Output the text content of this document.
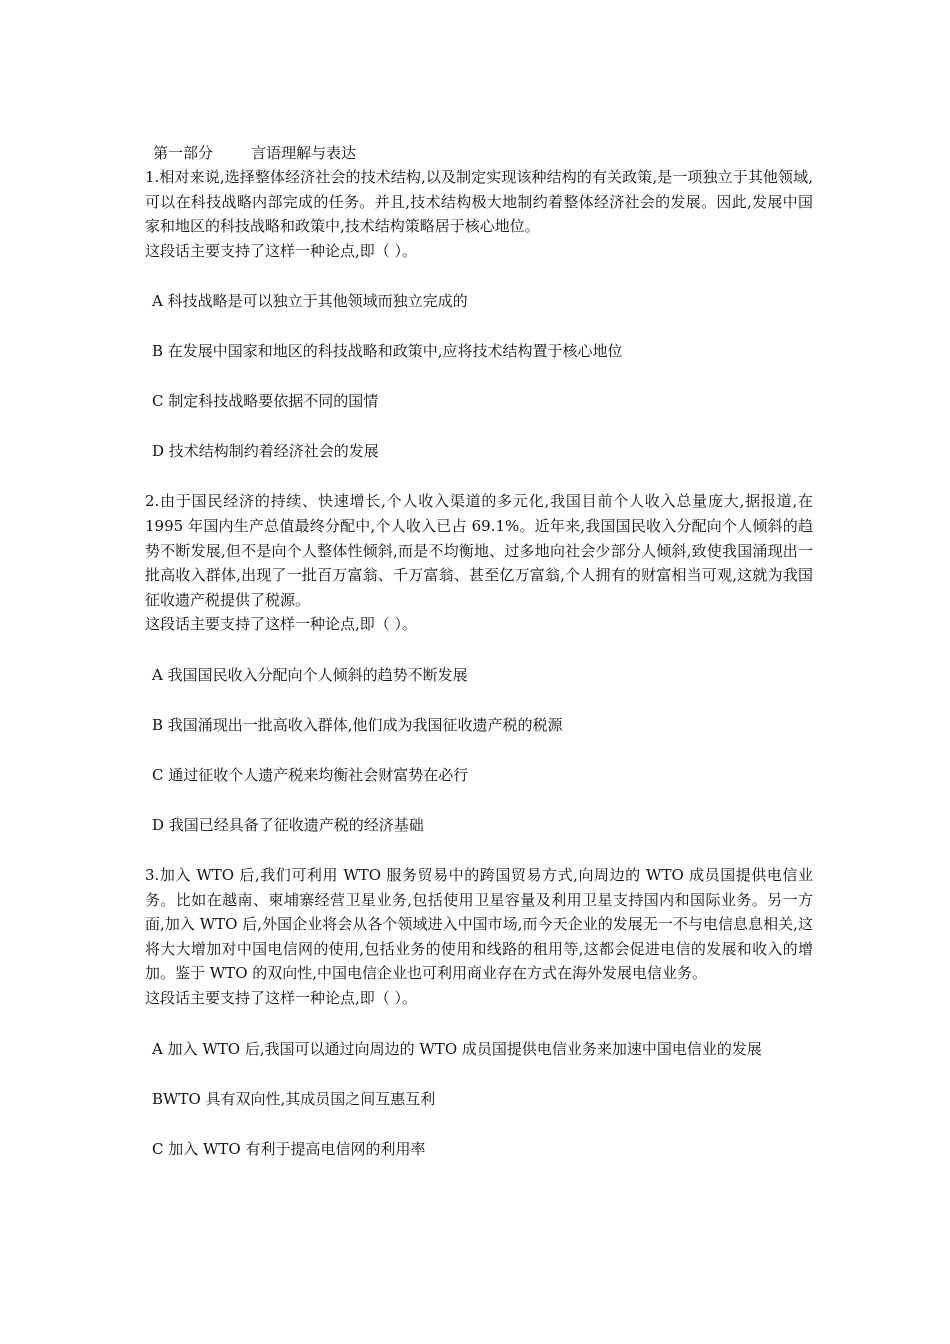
第一部分        言语理解与表达

1.相对来说,选择整体经济社会的技术结构,以及制定实现该种结构的有关政策,是一项独立于其他领域,可以在科技战略内部完成的任务。并且,技术结构极大地制约着整体经济社会的发展。因此,发展中国家和地区的科技战略和政策中,技术结构策略居于核心地位。

这段话主要支持了这样一种论点,即（ ）。

A 科技战略是可以独立于其他领域而独立完成的
B 在发展中国家和地区的科技战略和政策中,应将技术结构置于核心地位
C 制定科技战略要依据不同的国情
D 技术结构制约着经济社会的发展

2.由于国民经济的持续、快速增长,个人收入渠道的多元化,我国目前个人收入总量庞大,据报道,在 1995 年国内生产总值最终分配中,个人收入已占 69.1%。近年来,我国国民收入分配向个人倾斜的趋势不断发展,但不是向个人整体性倾斜,而是不均衡地、过多地向社会少部分人倾斜,致使我国涌现出一批高收入群体,出现了一批百万富翁、千万富翁、甚至亿万富翁,个人拥有的财富相当可观,这就为我国征收遗产税提供了税源。

这段话主要支持了这样一种论点,即（ ）。

A 我国国民收入分配向个人倾斜的趋势不断发展
B 我国涌现出一批高收入群体,他们成为我国征收遗产税的税源
C 通过征收个人遗产税来均衡社会财富势在必行
D 我国已经具备了征收遗产税的经济基础

3.加入 WTO 后,我们可利用 WTO 服务贸易中的跨国贸易方式,向周边的 WTO 成员国提供电信业务。比如在越南、柬埔寨经营卫星业务,包括使用卫星容量及利用卫星支持国内和国际业务。另一方面,加入 WTO 后,外国企业将会从各个领域进入中国市场,而今天企业的发展无一不与电信息息相关,这将大大增加对中国电信网的使用,包括业务的使用和线路的租用等,这都会促进电信的发展和收入的增加。鉴于 WTO 的双向性,中国电信企业也可利用商业存在方式在海外发展电信业务。

这段话主要支持了这样一种论点,即（ ）。

A 加入 WTO 后,我国可以通过向周边的 WTO 成员国提供电信业务来加速中国电信业的发展
BWTO 具有双向性,其成员国之间互惠互利
C 加入 WTO 有利于提高电信网的利用率
